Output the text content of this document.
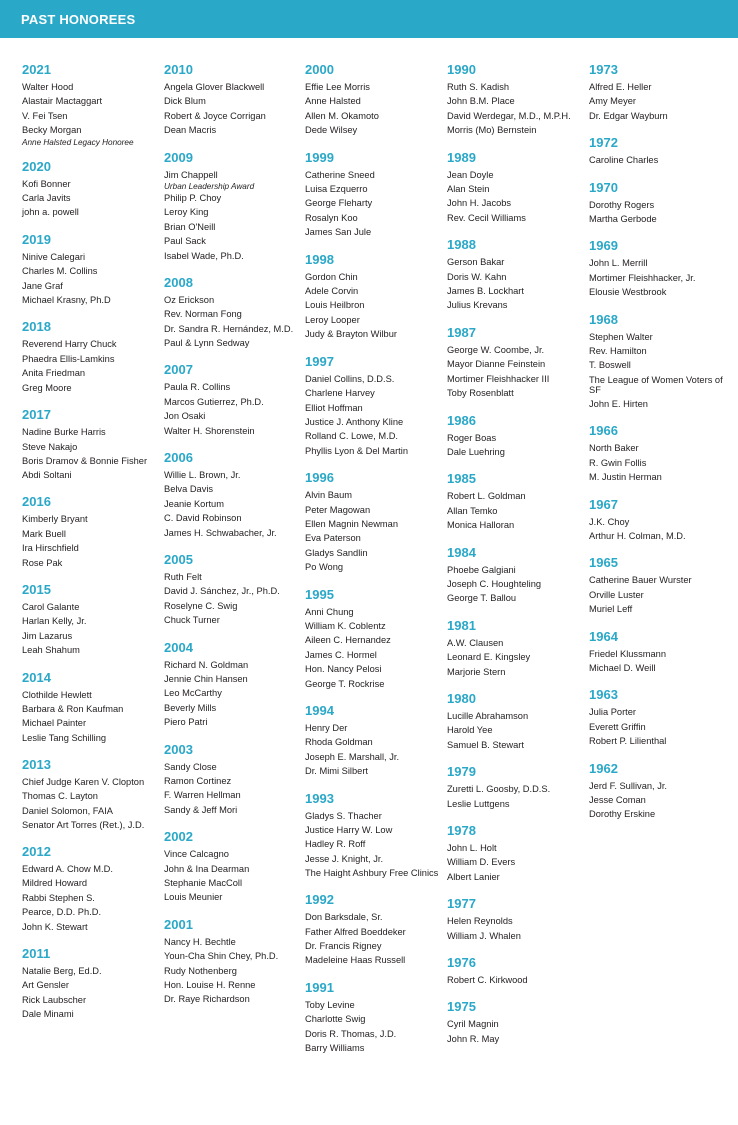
PAST HONOREES
2021
Walter Hood
Alastair Mactaggart
V. Fei Tsen
Becky Morgan
Anne Halsted Legacy Honoree
2020
Kofi Bonner
Carla Javits
john a. powell
2019
Ninive Calegari
Charles M. Collins
Jane Graf
Michael Krasny, Ph.D
2018
Reverend Harry Chuck
Phaedra Ellis-Lamkins
Anita Friedman
Greg Moore
2017
Nadine Burke Harris
Steve Nakajo
Boris Dramov & Bonnie Fisher
Abdi Soltani
2016
Kimberly Bryant
Mark Buell
Ira Hirschfield
Rose Pak
2015
Carol Galante
Harlan Kelly, Jr.
Jim Lazarus
Leah Shahum
2014
Clothilde Hewlett
Barbara & Ron Kaufman
Michael Painter
Leslie Tang Schilling
2013
Chief Judge Karen V. Clopton
Thomas C. Layton
Daniel Solomon, FAIA
Senator Art Torres (Ret.), J.D.
2012
Edward A. Chow M.D.
Mildred Howard
Rabbi Stephen S.
Pearce, D.D. Ph.D.
John K. Stewart
2011
Natalie Berg, Ed.D.
Art Gensler
Rick Laubscher
Dale Minami
2010
Angela Glover Blackwell
Dick Blum
Robert & Joyce Corrigan
Dean Macris
2009
Jim Chappell
Urban Leadership Award
Philip P. Choy
Leroy King
Brian O'Neill
Paul Sack
Isabel Wade, Ph.D.
2008
Oz Erickson
Rev. Norman Fong
Dr. Sandra R. Hernández, M.D.
Paul & Lynn Sedway
2007
Paula R. Collins
Marcos Gutierrez, Ph.D.
Jon Osaki
Walter H. Shorenstein
2006
Willie L. Brown, Jr.
Belva Davis
Jeanie Kortum
C. David Robinson
James H. Schwabacher, Jr.
2005
Ruth Felt
David J. Sánchez, Jr., Ph.D.
Roselyne C. Swig
Chuck Turner
2004
Richard N. Goldman
Jennie Chin Hansen
Leo McCarthy
Beverly Mills
Piero Patri
2003
Sandy Close
Ramon Cortinez
F. Warren Hellman
Sandy & Jeff Mori
2002
Vince Calcagno
John & Ina Dearman
Stephanie MacColl
Louis Meunier
2001
Nancy H. Bechtle
Youn-Cha Shin Chey, Ph.D.
Rudy Nothenberg
Hon. Louise H. Renne
Dr. Raye Richardson
2000
Effie Lee Morris
Anne Halsted
Allen M. Okamoto
Dede Wilsey
1999
Catherine Sneed
Luisa Ezquerro
George Fleharty
Rosalyn Koo
James San Jule
1998
Gordon Chin
Adele Corvin
Louis Heilbron
Leroy Looper
Judy & Brayton Wilbur
1997
Daniel Collins, D.D.S.
Charlene Harvey
Elliot Hoffman
Justice J. Anthony Kline
Rolland C. Lowe, M.D.
Phyllis Lyon & Del Martin
1996
Alvin Baum
Peter Magowan
Ellen Magnin Newman
Eva Paterson
Gladys Sandlin
Po Wong
1995
Anni Chung
William K. Coblentz
Aileen C. Hernandez
James C. Hormel
Hon. Nancy Pelosi
George T. Rockrise
1994
Henry Der
Rhoda Goldman
Joseph E. Marshall, Jr.
Dr. Mimi Silbert
1993
Gladys S. Thacher
Justice Harry W. Low
Hadley R. Roff
Jesse J. Knight, Jr.
The Haight Ashbury Free Clinics
1992
Don Barksdale, Sr.
Father Alfred Boeddeker
Dr. Francis Rigney
Madeleine Haas Russell
1991
Toby Levine
Charlotte Swig
Doris R. Thomas, J.D.
Barry Williams
1990
Ruth S. Kadish
John B.M. Place
David Werdegar, M.D., M.P.H.
Morris (Mo) Bernstein
1989
Jean Doyle
Alan Stein
John H. Jacobs
Rev. Cecil Williams
1988
Gerson Bakar
Doris W. Kahn
James B. Lockhart
Julius Krevans
1987
George W. Coombe, Jr.
Mayor Dianne Feinstein
Mortimer Fleishhacker III
Toby Rosenblatt
1986
Roger Boas
Dale Luehring
1985
Robert L. Goldman
Allan Temko
Monica Halloran
1984
Phoebe Galgiani
Joseph C. Houghteling
George T. Ballou
1981
A.W. Clausen
Leonard E. Kingsley
Marjorie Stern
1980
Lucille Abrahamson
Harold Yee
Samuel B. Stewart
1979
Zuretti L. Goosby, D.D.S.
Leslie Luttgens
1978
John L. Holt
William D. Evers
Albert Lanier
1977
Helen Reynolds
William J. Whalen
1976
Robert C. Kirkwood
1975
Cyril Magnin
John R. May
1973
Alfred E. Heller
Amy Meyer
Dr. Edgar Wayburn
1972
Caroline Charles
1970
Dorothy Rogers
Martha Gerbode
1969
John L. Merrill
Mortimer Fleishhacker, Jr.
Elousie Westbrook
1968
Stephen Walter
Rev. Hamilton
T. Boswell
The League of Women Voters of SF
John E. Hirten
1966
North Baker
R. Gwin Follis
M. Justin Herman
1967
J.K. Choy
Arthur H. Colman, M.D.
1965
Catherine Bauer Wurster
Orville Luster
Muriel Leff
1964
Friedel Klussmann
Michael D. Weill
1963
Julia Porter
Everett Griffin
Robert P. Lilienthal
1962
Jerd F. Sullivan, Jr.
Jesse Coman
Dorothy Erskine
